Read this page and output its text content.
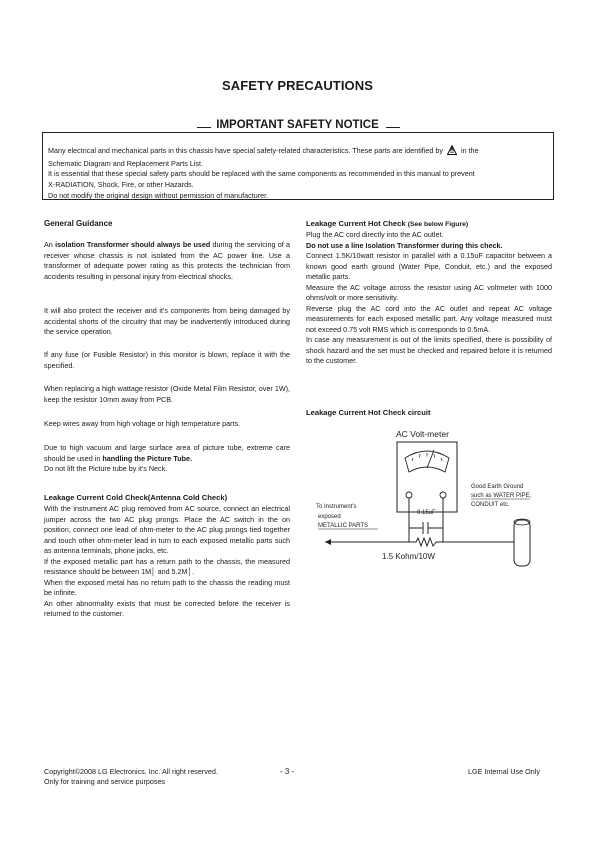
SAFETY PRECAUTIONS
IMPORTANT SAFETY NOTICE

Many electrical and mechanical parts in this chassis have special safety-related characteristics. These parts are identified by	in the

Schematic Diagram and Replacement Parts List.

It is essential that these special safety parts should be replaced with the same components as recommended in this manual to prevent

X-RADIATION, Shock, Fire, or other Hazards.

Do not modify the original design without permission of manufacturer.

General Guidance
An isolation Transformer should always be used during the servicing of a receiver whose chassis is not isolated from the AC power line. Use a transformer of adequate power rating as this protects the technician from accidents resulting in personal injury from electrical shocks.
It will also protect the receiver and it's components from being damaged by accidental shorts of the circuitry that may be inadvertently introduced during the service operation.
If any fuse (or Fusible Resistor) in this monitor is blown, replace it with the specified.
When replacing a high wattage resistor (Oxide Metal Film Resistor, over 1W), keep the resistor 10mm away from PCB.
Keep wires away from high voltage or high temperature parts.
Due to high vacuum and large surface area of picture tube, extreme care should be used in handling the Picture Tube.
Do not lift the Picture tube by it's Neck.
Leakage Current Cold Check(Antenna Cold Check)

With the instrument AC plug removed from AC source, connect an electrical jumper across the two AC plug prongs. Place the AC switch in the on position, connect one lead of ohm-meter to the AC plug prongs tied together and touch other ohm-meter lead in turn to each exposed metallic parts such as antenna terminals, phone jacks, etc.

If the exposed metallic part has a return path to the chassis, the measured resistance should be between 1M│ and 5.2M│.

When the exposed metal has no return path to the chassis the reading must be infinite.

An other abnormality exists that must be corrected before the receiver is returned to the customer.

Leakage Current Hot Check (See below Figure)

Plug the AC cord directly into the AC outlet.

Do not use a line Isolation Transformer during this check.

Connect 1.5K/10watt resistor in parallel with a 0.15uF capacitor between a known good earth ground (Water Pipe, Conduit, etc.) and the exposed metallic parts.

Measure the AC voltage across the resistor using AC voltmeter with 1000 ohms/volt or more sensitivity.

Reverse plug the AC cord into the AC outlet and repeat AC voltage measurements for each exposed metallic part. Any voltage measured must not exceed 0.75 volt RMS which is corresponds to 0.5mA.

In case any measurement is out of the limits specified, there is possibility of shock hazard and the set must be checked and repaired before it is returned to the customer.

Leakage Current Hot Check circuit
AC Volt-meter
0.15uF
1.5 Kohm/10W
To Instrument's
exposed
METALLIC PARTS
Good Earth Ground
such as WATER PIPE,
CONDUIT etc.
Copyright©2008 LG Electronics. Inc. All right reserved.
Only for training and service purposes
- 3 -	LGE Internal Use Only
